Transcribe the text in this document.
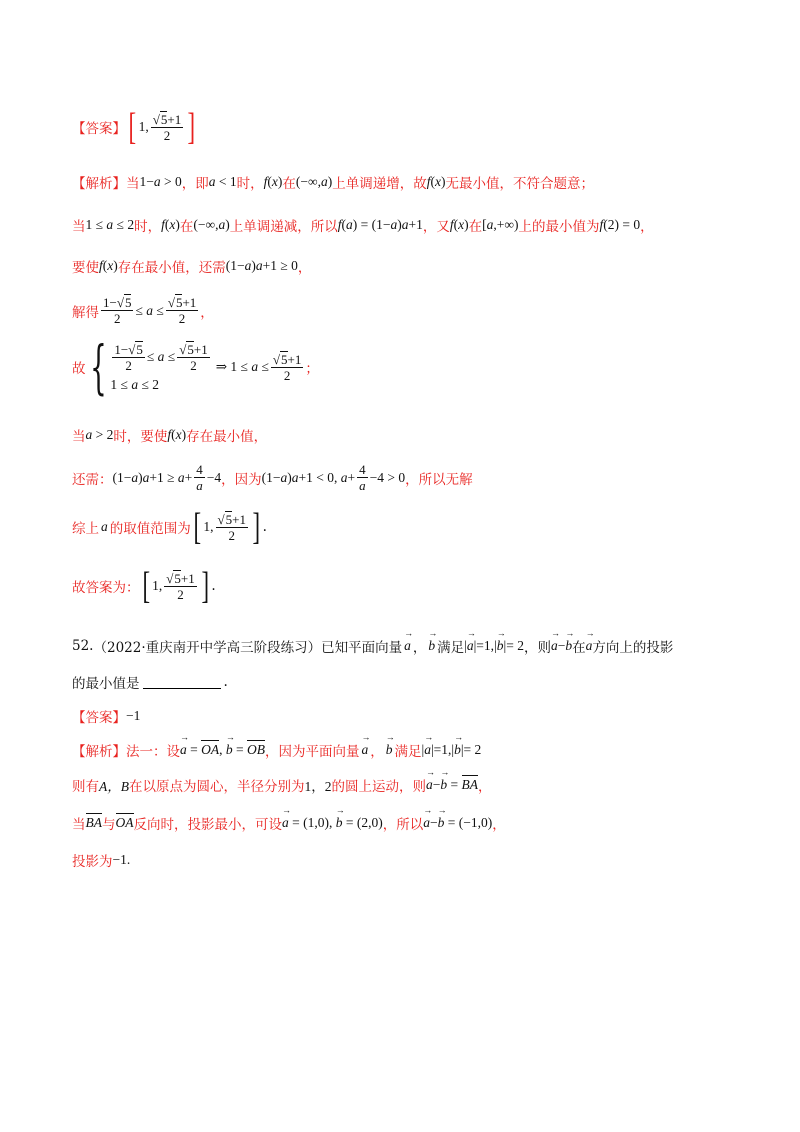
【答案】 [ 1, $\frac{√5+1}{2}$ ]
【解析】 当 1−a > 0 ，即 a < 1 时， f(x) 在 (−∞,a) 上单调递增，故 f(x) 无最小值，不符合题意；
当 1 ≤ a ≤ 2 时， f(x) 在 (−∞,a) 上单调递减，所以 f(a) = (1−a)a+1 ，又 f(x) 在 [a,+∞) 上的最小值为 f(2) = 0 ，
要使 f(x) 存在最小值，还需 (1−a)a+1 ≥ 0 ，
解得 $\frac{1-√5}{2} \le a \le \frac{√5+1}{2}$ ，
故 { $\frac{1-√5}{2} \le a \le \frac{√5+1}{2}$
1 ≤ a ≤ 2
⇒ $1 \le a \le \frac{√5+1}{2}$ ；
当 a > 2 时，要使 f(x) 存在最小值，
还需： $(1-a)a+1 \ge a+ \frac{4}{a} -4$ ，因为 (1−a)a+1 < 0, $a+ \frac{4}{a} -4 > 0$ ，所以无解
综上 a 的取值范围为 [ 1, $\frac{√5+1}{2}$ ] .
故答案为： [ 1, $\frac{√5+1}{2}$ ] .
52. （2022·重庆南开中学高三阶段练习） 已知平面向量 → a ， → b 满足 |→ a|=1,|→ b|= 2 ，则 → a−→ b 在 → a 方向上的投影
的最小值是	.
【答案】 −1
【解析】 法一：设 → a = OA, → b = OB ，因为平面向量 → a ， → b 满足 |→ a|=1,|→ b|= 2
则有 A，B 在以原点为圆心，半径分别为 1，2 的圆上运动，则 → a−→ b = BA ，
当 BA 与 OA 反向时，投影最小，可设 → a = (1,0), → b = (2,0) ，所以 → a−→ b = (−1,0) ，
投影为 −1.
